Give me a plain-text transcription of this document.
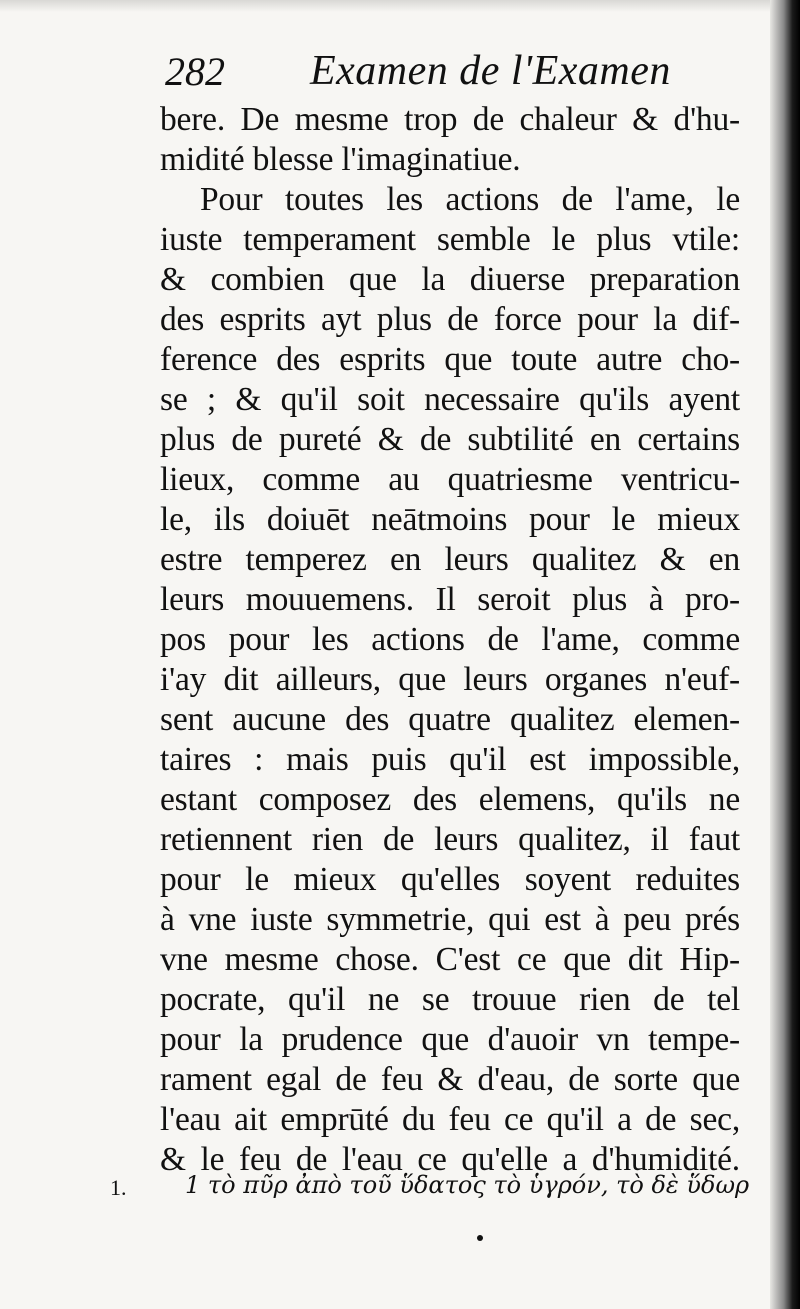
282 Examen de l'Examen
bere. De mesme trop de chaleur & d'hu-
midité blesse l'imaginatiue.
Pour toutes les actions de l'ame, le
iuste temperament semble le plus vtile:
& combien que la diuerse preparation
des esprits ayt plus de force pour la dif-
ference des esprits que toute autre cho-
se ; & qu'il soit necessaire qu'ils ayent
plus de pureté & de subtilité en certains
lieux, comme au quatriesme ventricu-
le, ils doiuēt neātmoins pour le mieux
estre temperez en leurs qualitez & en
leurs mouuemens. Il seroit plus à pro-
pos pour les actions de l'ame, comme
i'ay dit ailleurs, que leurs organes n'euf-
sent aucune des quatre qualitez elemen-
taires : mais puis qu'il est impossible,
estant composez des elemens, qu'ils ne
retiennent rien de leurs qualitez, il faut
pour le mieux qu'elles soyent reduites
à vne iuste symmetrie, qui est à peu prés
vne mesme chose. C'est ce que dit Hip-
pocrate, qu'il ne se trouue rien de tel
pour la prudence que d'auoir vn tempe-
rament egal de feu & d'eau, de sorte que
l'eau ait emprūté du feu ce qu'il a de sec,
& le feu de l'eau ce qu'elle a d'humidité.
1. 1 τὸ πῦρ ἀπὸ τοῦ ὕδατος τὸ ὑγρόν, τὸ δὲ ὕδωρ
